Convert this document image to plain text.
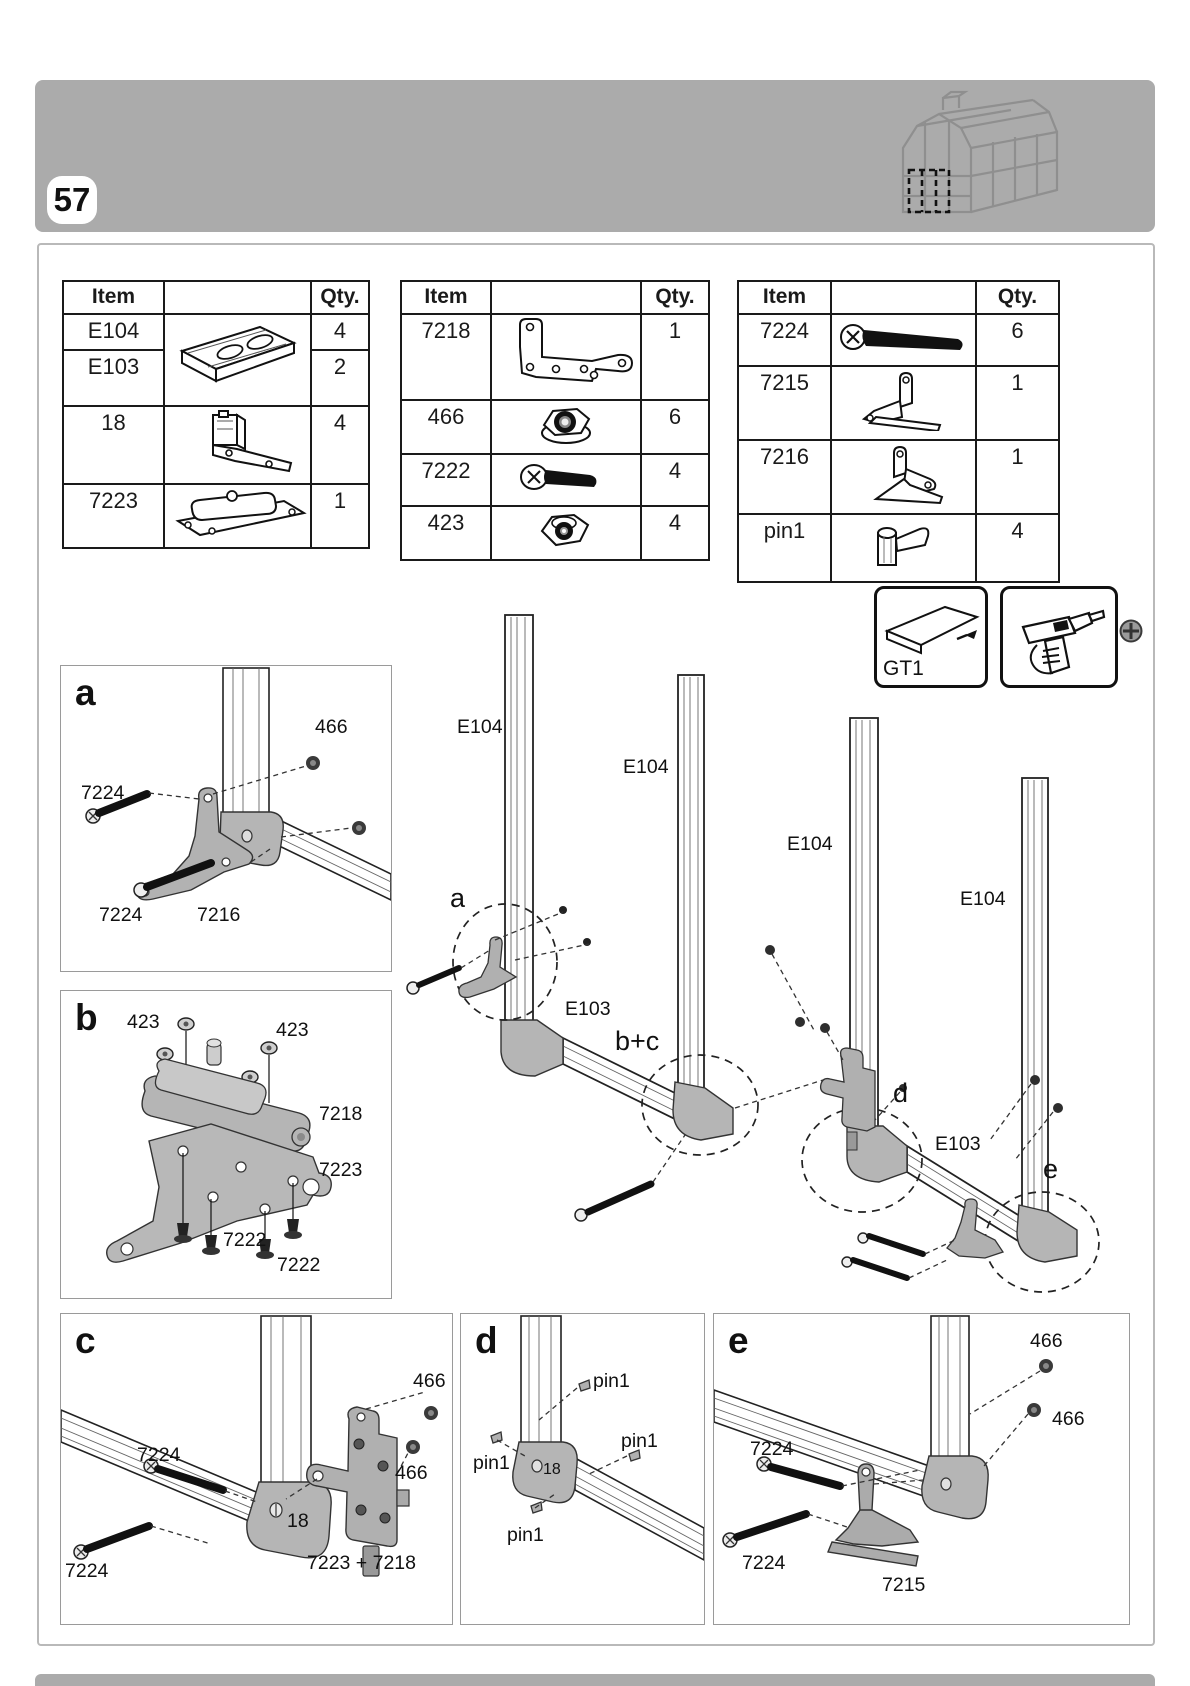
57
Item		Qty.
E104		4
E103		2
18		4
7223		1
Item		Qty.
7218		1
466		6
7222		4
423		4
Item		Qty.
7224		6
7215		1
7216		1
pin1		4
GT1
E104
E104
E103
a
b+c
E104
E104
E103
d
e
a
466
7224
7224	7216
b 423	423
7218
7223
7222
7222
c
7224
7224
18
7223 + 7218
466
466
d
pin1
pin1
pin1
pin1
18
e	466
466
7224
7224
7215
